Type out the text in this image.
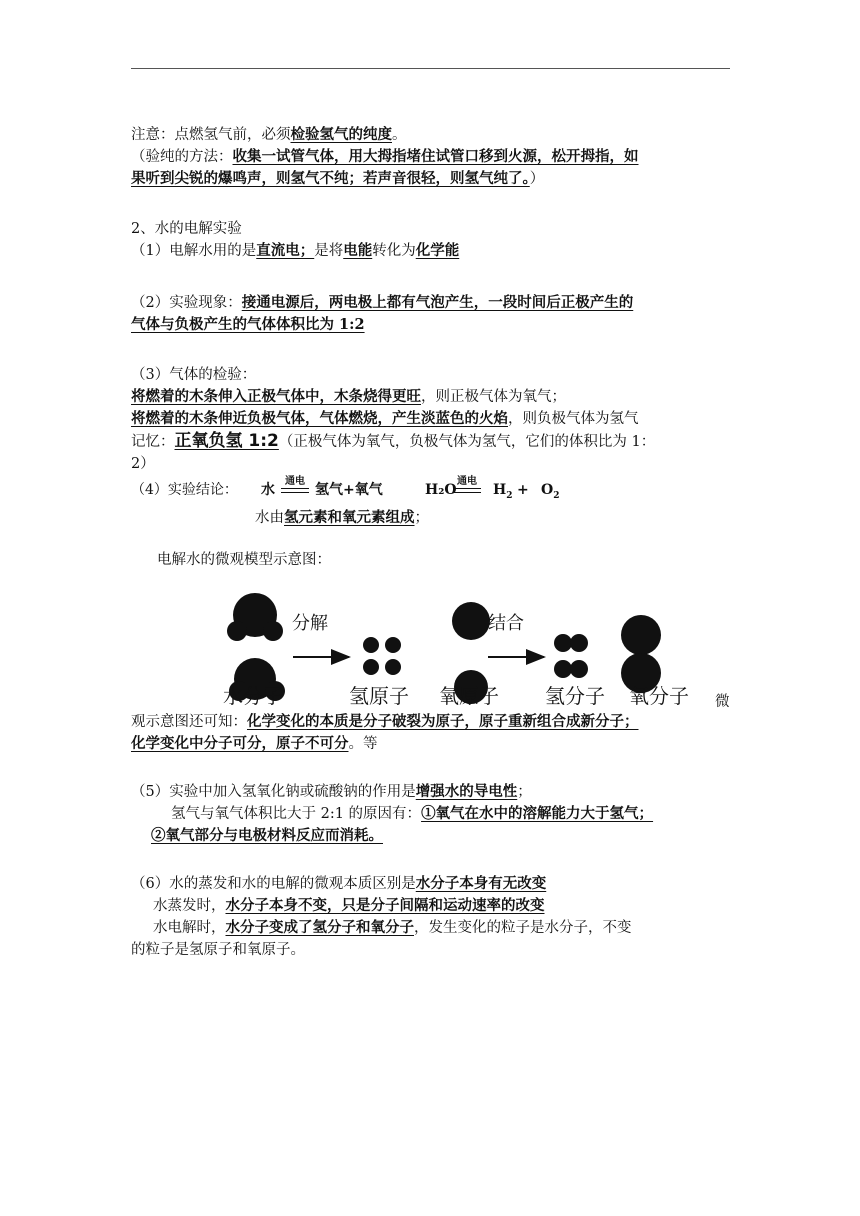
注意：点燃氢气前，必须检验氢气的纯度。
（验纯的方法：收集一试管气体，用大拇指堵住试管口移到火源，松开拇指，如
果听到尖锐的爆鸣声，则氢气不纯；若声音很轻，则氢气纯了。）
2、水的电解实验
（1）电解水用的是直流电；是将电能转化为化学能
（2）实验现象：接通电源后，两电极上都有气泡产生，一段时间后正极产生的
气体与负极产生的气体体积比为 1:2
（3）气体的检验：
将燃着的木条伸入正极气体中，木条烧得更旺，则正极气体为氧气；
将燃着的木条伸近负极气体，气体燃烧，产生淡蓝色的火焰，则负极气体为氢气
记忆：正氧负氢 1:2（正极气体为氧气，负极气体为氢气，它们的体积比为 1：
2）
（4）实验结论： 水
通电
氢气+氧气	H₂O
通电
$H_2 + O_2$
水由氢元素和氧元素组成；
电解水的微观模型示意图：
分解	结合
水分子	氢原子 氧原子 氢分子 氧分子 微
观示意图还可知：化学变化的本质是分子破裂为原子，原子重新组合成新分子；
化学变化中分子可分，原子不可分。等
（5）实验中加入氢氧化钠或硫酸钠的作用是增强水的导电性；
氢气与氧气体积比大于 2:1 的原因有：①氧气在水中的溶解能力大于氢气；
②氧气部分与电极材料反应而消耗。
（6）水的蒸发和水的电解的微观本质区别是水分子本身有无改变
水蒸发时，水分子本身不变，只是分子间隔和运动速率的改变
水电解时，水分子变成了氢分子和氧分子，发生变化的粒子是水分子，不变
的粒子是氢原子和氧原子。
